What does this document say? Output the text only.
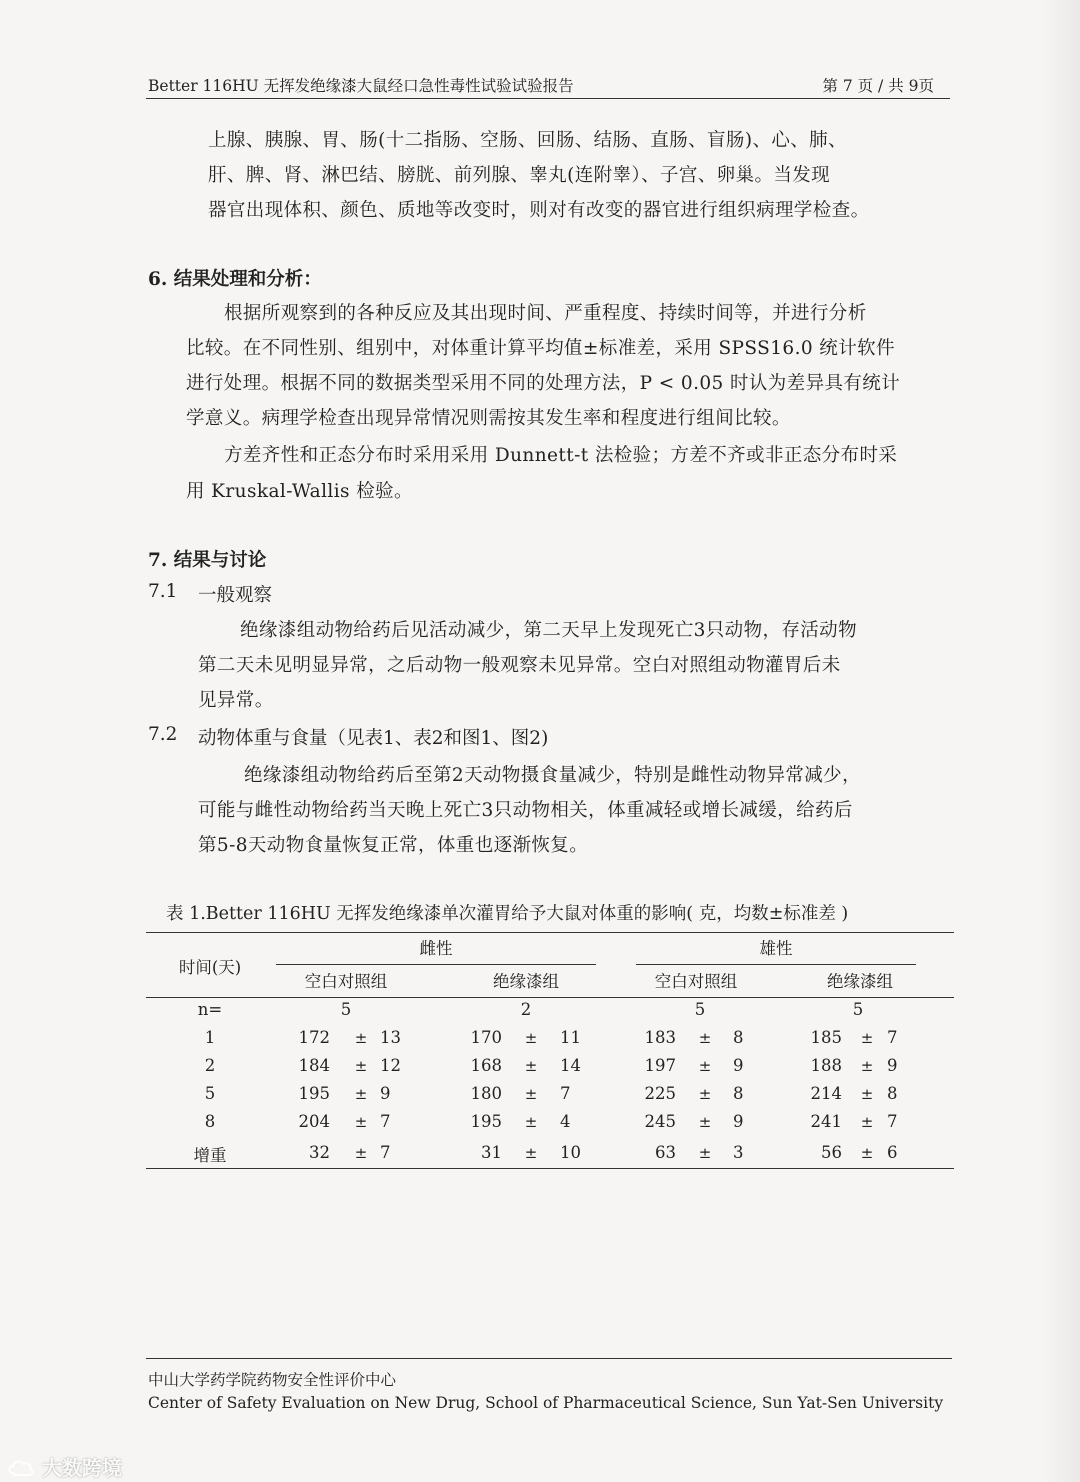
Better 116HU 无挥发绝缘漆大鼠经口急性毒性试验试验报告	第 7 页 / 共 9页
上腺、胰腺、胃、肠(十二指肠、空肠、回肠、结肠、直肠、盲肠)、心、肺、
肝、脾、肾、淋巴结、膀胱、前列腺、睾丸(连附睾）、子宫、卵巢。当发现
器官出现体积、颜色、质地等改变时，则对有改变的器官进行组织病理学检查。
6. 结果处理和分析：
根据所观察到的各种反应及其出现时间、严重程度、持续时间等，并进行分析
比较。在不同性别、组别中，对体重计算平均值±标准差，采用 SPSS16.0 统计软件
进行处理。根据不同的数据类型采用不同的处理方法，P < 0.05 时认为差异具有统计
学意义。病理学检查出现异常情况则需按其发生率和程度进行组间比较。
方差齐性和正态分布时采用采用 Dunnett-t 法检验；方差不齐或非正态分布时采
用 Kruskal-Wallis 检验。
7. 结果与讨论
7.1 一般观察
绝缘漆组动物给药后见活动减少，第二天早上发现死亡3只动物，存活动物
第二天未见明显异常，之后动物一般观察未见异常。空白对照组动物灌胃后未
见异常。
7.2 动物体重与食量（见表1、表2和图1、图2)
绝缘漆组动物给药后至第2天动物摄食量减少，特别是雌性动物异常减少，
可能与雌性动物给药当天晚上死亡3只动物相关，体重减轻或增长减缓，给药后
第5-8天动物食量恢复正常，体重也逐渐恢复。
表 1.Better 116HU 无挥发绝缘漆单次灌胃给予大鼠对体重的影响( 克，均数±标准差 )
时间(天)
雌性	雄性
空白对照组	绝缘漆组	空白对照组	绝缘漆组
n=	5	2	5	5
1	172 ± 13	170 ± 11	183 ± 8	185 ± 7
2	184 ± 12	168 ± 14	197 ± 9	188 ± 9
5	195 ± 9	180 ± 7	225 ± 8	214 ± 8
8	204 ± 7	195 ± 4	245 ± 9	241 ± 7
增重	32 ± 7	31 ± 10	63 ± 3	56 ± 6
中山大学药学院药物安全性评价中心
Center of Safety Evaluation on New Drug, School of Pharmaceutical Science, Sun Yat-Sen University
大数跨境
